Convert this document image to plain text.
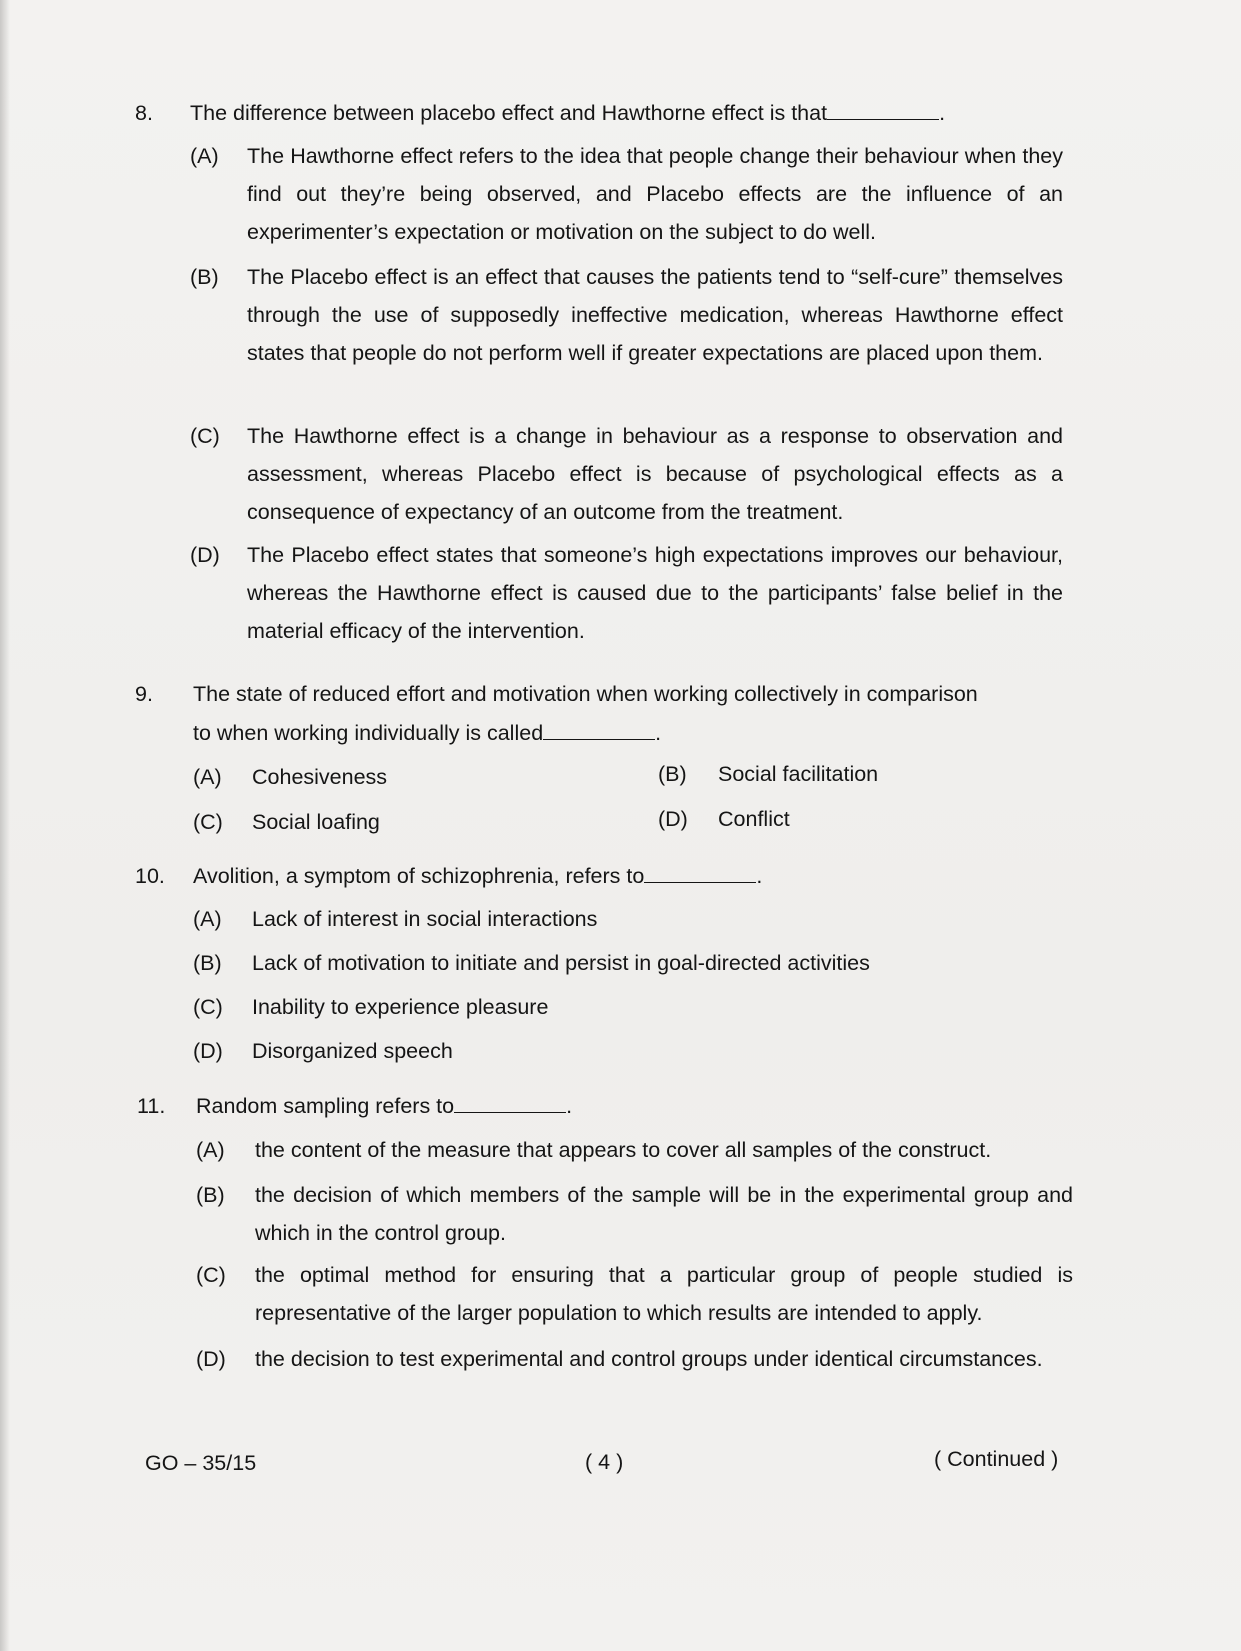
8. The difference between placebo effect and Hawthorne effect is that	.
(A) The Hawthorne effect refers to the idea that people change their behaviour when they find out they’re being observed, and Placebo effects are the influence of an experimenter’s expectation or motivation on the subject to do well.
(B) The Placebo effect is an effect that causes the patients tend to “self-cure” themselves through the use of supposedly ineffective medication, whereas Hawthorne effect states that people do not perform well if greater expectations are placed upon them.
(C) The Hawthorne effect is a change in behaviour as a response to observation and assessment, whereas Placebo effect is because of psychological effects as a consequence of expectancy of an outcome from the treatment.
(D) The Placebo effect states that someone’s high expectations improves our behaviour, whereas the Hawthorne effect is caused due to the participants’ false belief in the material efficacy of the intervention.
9. The state of reduced effort and motivation when working collectively in comparison
to when working individually is called	.
(A) Cohesiveness	(B) Social facilitation
(C) Social loafing	(D) Conflict
10. Avolition, a symptom of schizophrenia, refers to	.
(A) Lack of interest in social interactions
(B) Lack of motivation to initiate and persist in goal-directed activities
(C) Inability to experience pleasure
(D) Disorganized speech
11. Random sampling refers to	.
(A) the content of the measure that appears to cover all samples of the construct.
(B) the decision of which members of the sample will be in the experimental group and which in the control group.
(C) the optimal method for ensuring that a particular group of people studied is representative of the larger population to which results are intended to apply.
(D) the decision to test experimental and control groups under identical circumstances.
GO – 35/15	( 4 )	( Continued )
